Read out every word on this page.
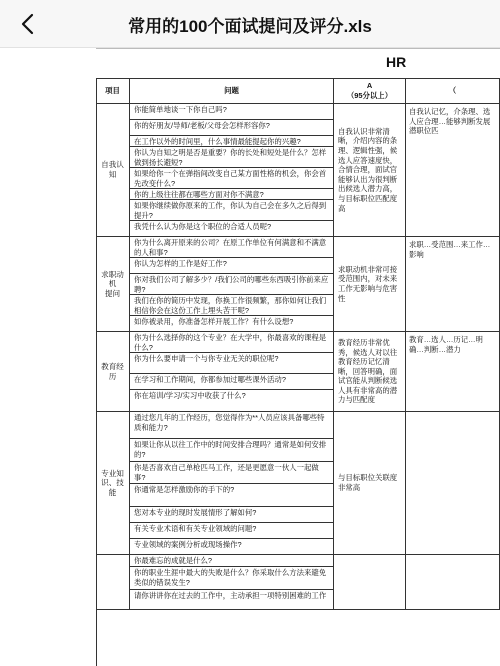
常用的100个面试提问及评分.xls
HR
项目	问题
A
（95分以上）
（
自我认知
你能简单地谈一下你自己吗?
你的好朋友/导师/老板/父母会怎样形容你?
在工作以外的时间里，什么事情最能提起你的兴趣?
你认为自知之明是否是重要？你的长处和短处是什么？怎样做到扬长避短?
如果给你一个在弹指间改变自己某方面性格的机会，你会首先改变什么?
你的上级往往都在哪些方面对你不满意?
如果你继续做你原来的工作，你认为自己会在多久之后得到提升?
我凭什么认为你是这个职位的合适人员呢?
自我认识非常清晰，介绍内容的条理、逻辑性强，候选人应答速度快，合情合理，面试官能够认出为很判断出候选人潜力高，与目标职位匹配度高
自我认记忆，介条理、选人应合理…能够判断发展潜职位匹
求职动机
提问
你为什么离开原来的公司？在原工作单位有何满意和不满意的人和事?
你认为怎样的工作是好工作?
你对我们公司了解多少？/我们公司的哪些东西吸引你前来应聘?
我们在你的简历中发现，你换工作很频繁，那你如何让我们相信你会在这份工作上埋头苦干呢?
如你被录用，你准备怎样开展工作？有什么设想?
求职动机非常可接受范围内，对未来工作无影响与危害性
求职…受范围…来工作…影响
教育经历
你为什么选择你的这个专业？在大学中，你最喜欢的课程是什么?
你为什么要申请一个与你专业无关的职位呢?
在学习和工作期间，你都参加过哪些课外活动?
你在培训/学习/实习中收获了什么?
教育经历非常优秀，候选人对以往教育经历记忆清晰，回答明确，面试官能从判断候选人具有非常高的潜力与匹配度
教育…选人…历记…明确…判断…潜力
专业知
识、技能
通过您几年的工作经历，您觉得作为**人员应该具备哪些特质和能力?
如果让你从以往工作中的时间安排合理吗？通常是如何安排的?
你是否喜欢自己单枪匹马工作，还是更愿意一伙人一起做事?
你通常是怎样激励你的手下的?
您对本专业的现时发展情形了解如何?
有关专业术语和有关专业领域的问题?
专业领域的案例分析或现场操作?
与目标职位关联度非常高
你最难忘的成就是什么?
你的职业生涯中最大的失败是什么？你采取什么方法来避免类似的错误发生?
请你讲讲你在过去的工作中，主动承担一项特别困难的工作
